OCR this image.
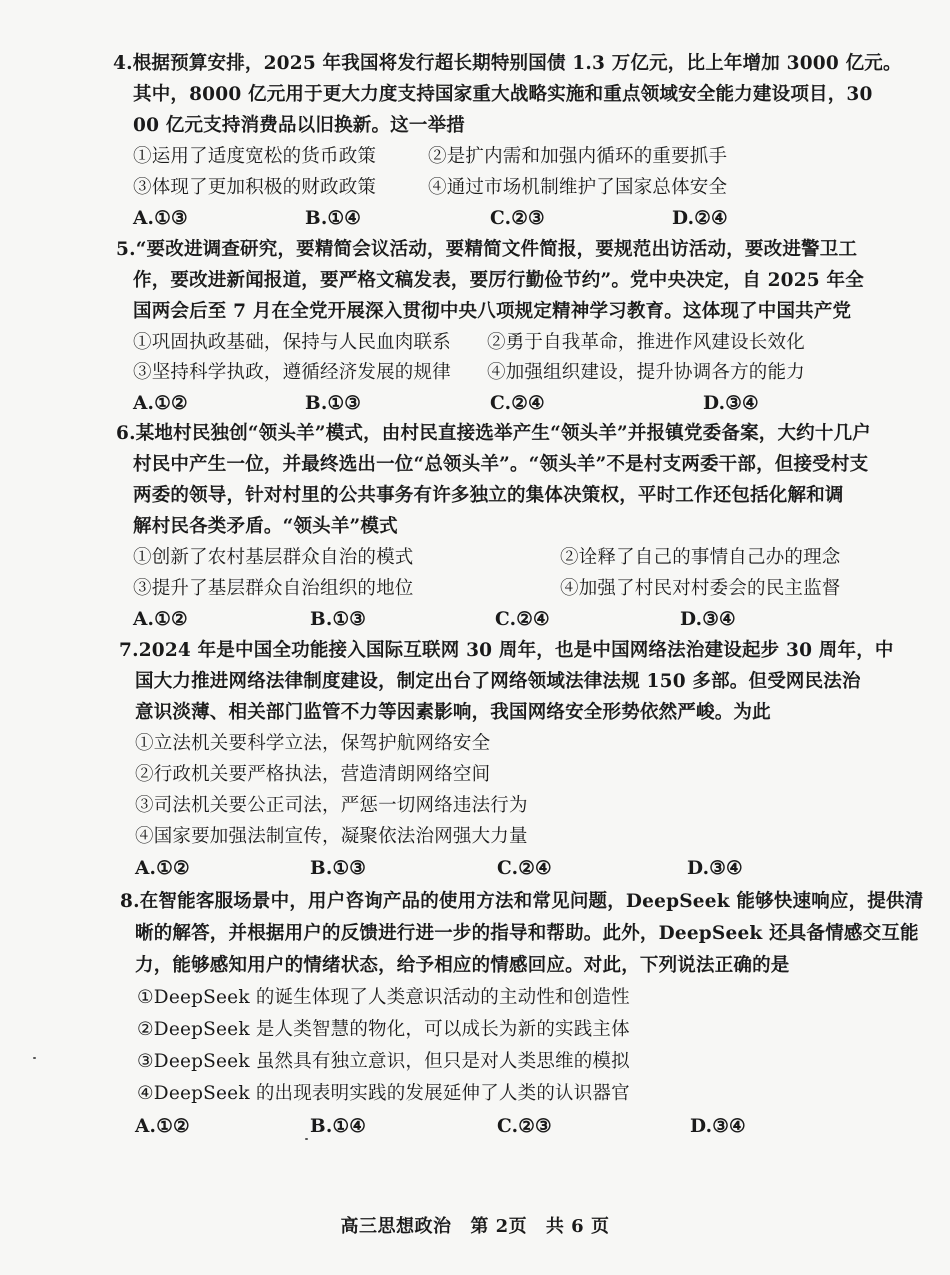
4.根据预算安排，2025 年我国将发行超长期特别国债 1.3 万亿元，比上年增加 3000 亿元。
其中，8000 亿元用于更大力度支持国家重大战略实施和重点领域安全能力建设项目，30
00 亿元支持消费品以旧换新。这一举措
①运用了适度宽松的货币政策	②是扩内需和加强内循环的重要抓手
③体现了更加积极的财政政策	④通过市场机制维护了国家总体安全
A.①③	B.①④	C.②③	D.②④
5.“要改进调查研究，要精简会议活动，要精简文件简报，要规范出访活动，要改进警卫工
作，要改进新闻报道，要严格文稿发表，要厉行勤俭节约”。党中央决定，自 2025 年全
国两会后至 7 月在全党开展深入贯彻中央八项规定精神学习教育。这体现了中国共产党
①巩固执政基础，保持与人民血肉联系 ②勇于自我革命，推进作风建设长效化
③坚持科学执政，遵循经济发展的规律 ④加强组织建设，提升协调各方的能力
A.①②	B.①③	C.②④	D.③④
6.某地村民独创“领头羊”模式，由村民直接选举产生“领头羊”并报镇党委备案，大约十几户
村民中产生一位，并最终选出一位“总领头羊”。“领头羊”不是村支两委干部，但接受村支
两委的领导，针对村里的公共事务有许多独立的集体决策权，平时工作还包括化解和调
解村民各类矛盾。“领头羊”模式
①创新了农村基层群众自治的模式	②诠释了自己的事情自己办的理念
③提升了基层群众自治组织的地位	④加强了村民对村委会的民主监督
A.①②	B.①③	C.②④	D.③④
7.2024 年是中国全功能接入国际互联网 30 周年，也是中国网络法治建设起步 30 周年，中
国大力推进网络法律制度建设，制定出台了网络领域法律法规 150 多部。但受网民法治
意识淡薄、相关部门监管不力等因素影响，我国网络安全形势依然严峻。为此
①立法机关要科学立法，保驾护航网络安全
②行政机关要严格执法，营造清朗网络空间
③司法机关要公正司法，严惩一切网络违法行为
④国家要加强法制宣传，凝聚依法治网强大力量
A.①②	B.①③	C.②④	D.③④
8.在智能客服场景中，用户咨询产品的使用方法和常见问题，DeepSeek 能够快速响应，提供清
晰的解答，并根据用户的反馈进行进一步的指导和帮助。此外，DeepSeek 还具备情感交互能
力，能够感知用户的情绪状态，给予相应的情感回应。对此，下列说法正确的是
①DeepSeek 的诞生体现了人类意识活动的主动性和创造性
②DeepSeek 是人类智慧的物化，可以成长为新的实践主体
③DeepSeek 虽然具有独立意识，但只是对人类思维的模拟
④DeepSeek 的出现表明实践的发展延伸了人类的认识器官
A.①②	B.①④	C.②③	D.③④
高三思想政治 第 2页 共 6 页
